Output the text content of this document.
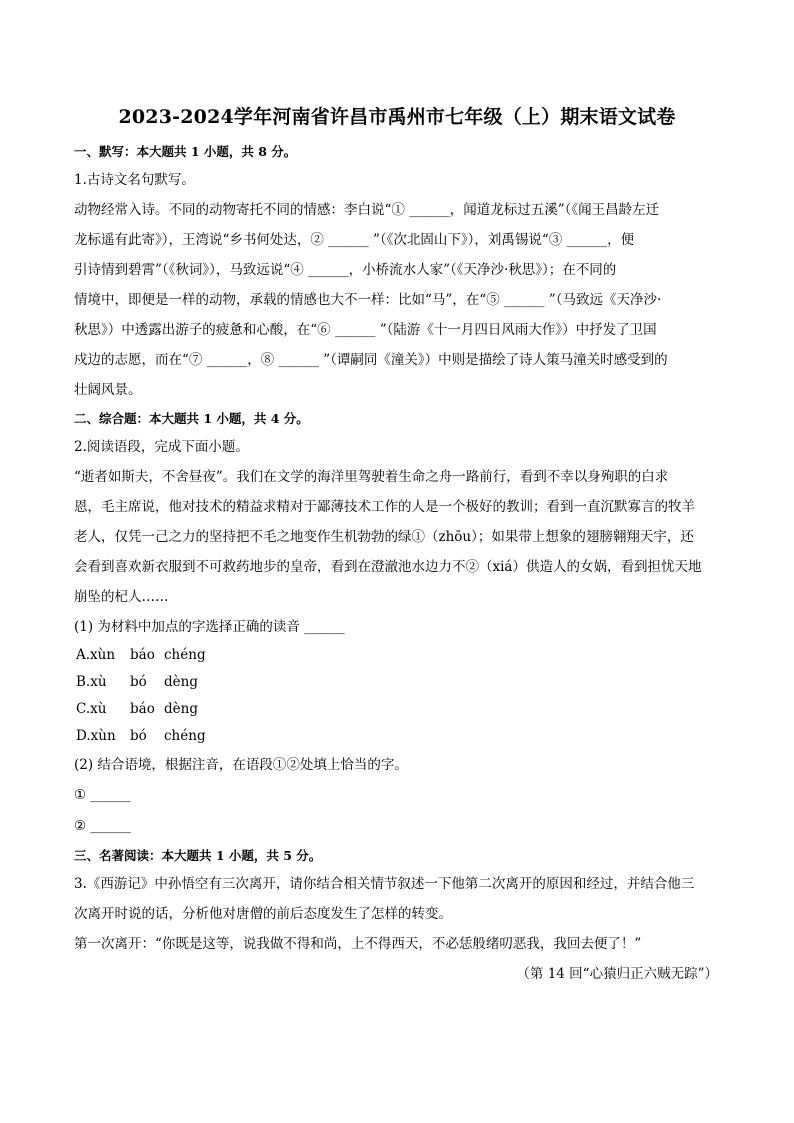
2023-2024学年河南省许昌市禹州市七年级（上）期末语文试卷

一、默写：本大题共 1 小题，共 8 分。

1.古诗文名句默写。

动物经常入诗。不同的动物寄托不同的情感：李白说“① ______，闻道龙标过五溪”（《闻王昌龄左迁

龙标遥有此寄》），王湾说“乡书何处达，② ______ ”（《次北固山下》），刘禹锡说“③ ______，便

引诗情到碧霄”（《秋词》），马致远说“④ ______，小桥流水人家”（《天净沙·秋思》）；在不同的

情境中，即便是一样的动物，承载的情感也大不一样：比如“马”，在“⑤ ______ ”（马致远《天净沙·

秋思》）中透露出游子的疲惫和心酸，在“⑥ ______ ”（陆游《十一月四日风雨大作》）中抒发了卫国

戍边的志愿，而在“⑦ ______，⑧ ______ ”（谭嗣同《潼关》）中则是描绘了诗人策马潼关时感受到的

壮阔风景。

二、综合题：本大题共 1 小题，共 4 分。

2.阅读语段，完成下面小题。

“逝者如斯夫，不舍昼夜”。我们在文学的海洋里驾驶着生命之舟一路前行，看到不幸以身殉职的白求

恩，毛主席说，他对技术的精益求精对于鄙薄技术工作的人是一个极好的教训；看到一直沉默寡言的牧羊

老人，仅凭一己之力的坚持把不毛之地变作生机勃勃的绿①（zhōu）；如果带上想象的翅膀翱翔天宇，还

会看到喜欢新衣服到不可救药地步的皇帝，看到在澄澈池水边力不②（xiá）供造人的女娲，看到担忧天地

崩坠的杞人……

(1) 为材料中加点的字选择正确的读音 ______

A.xùn báo chéng

B.xù bó dèng

C.xù báo dèng

D.xùn bó chéng

(2) 结合语境，根据注音，在语段①②处填上恰当的字。

① ______

② ______

三、名著阅读：本大题共 1 小题，共 5 分。

3.《西游记》中孙悟空有三次离开，请你结合相关情节叙述一下他第二次离开的原因和经过，并结合他三

次离开时说的话，分析他对唐僧的前后态度发生了怎样的转变。

第一次离开：“你既是这等，说我做不得和尚，上不得西天，不必恁般绪叨恶我，我回去便了！”

（第 14 回“心猿归正六贼无踪”）
